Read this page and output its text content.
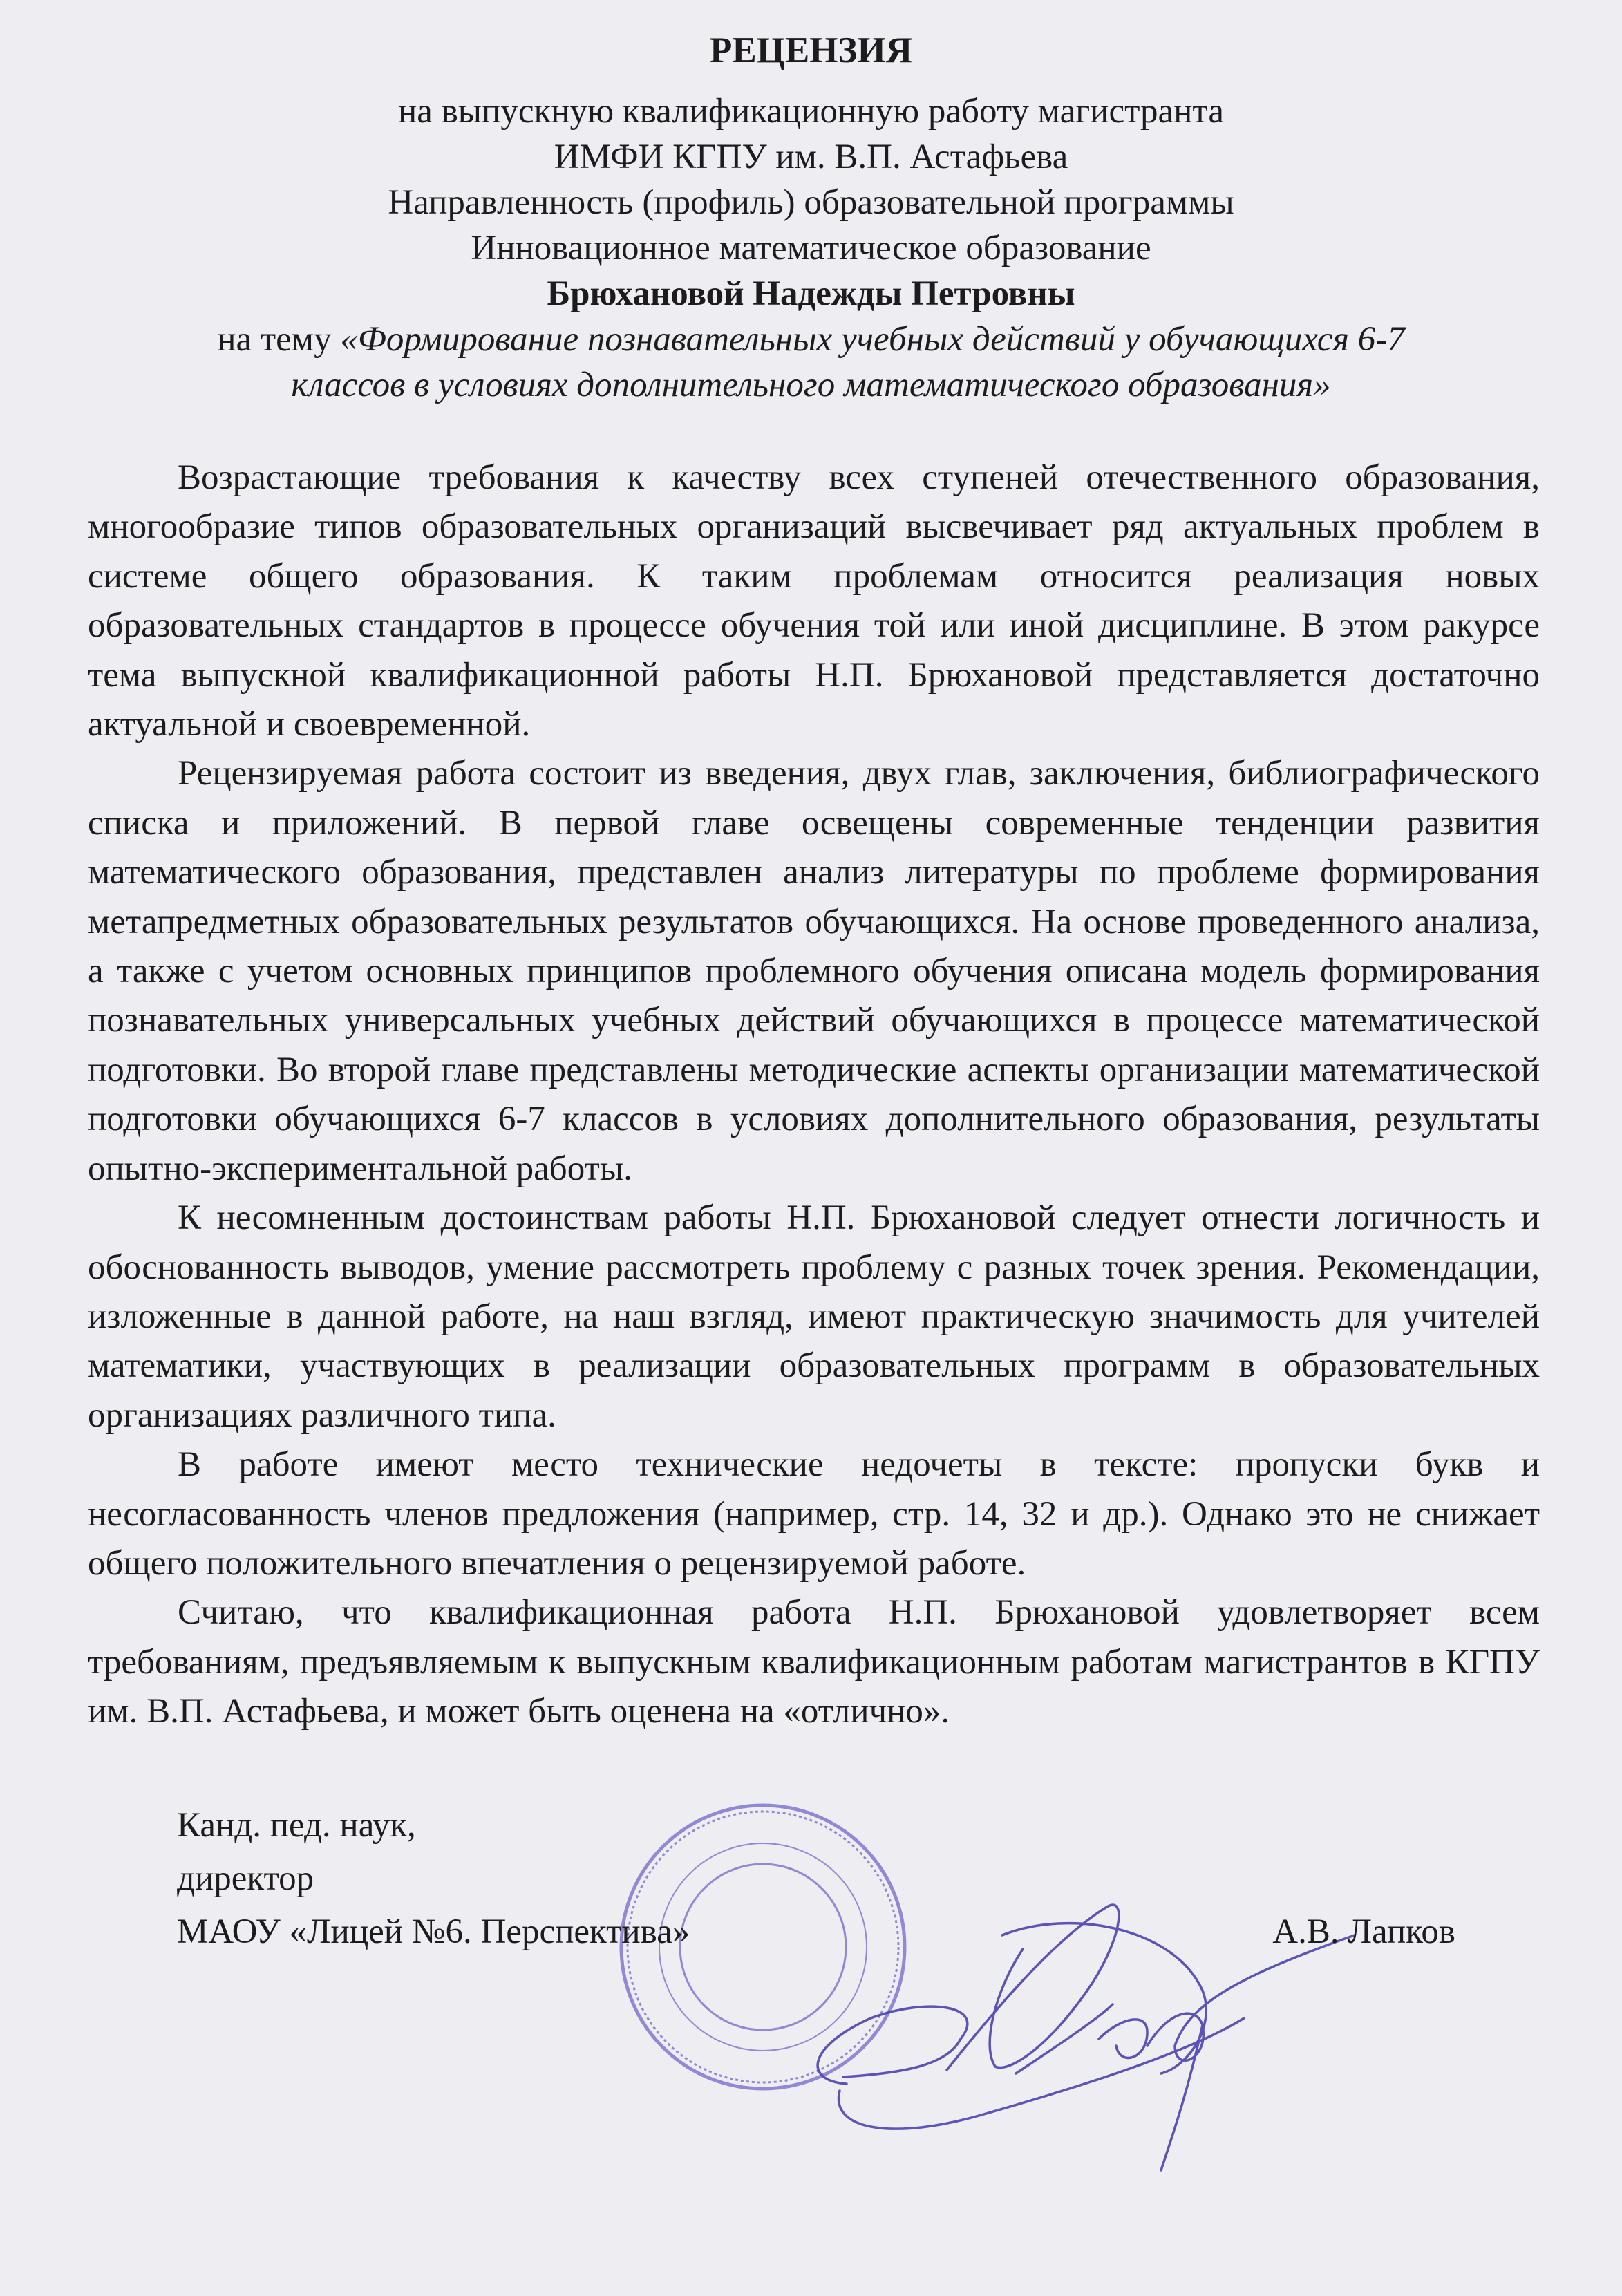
РЕЦЕНЗИЯ
на выпускную квалификационную работу магистранта
ИМФИ КГПУ им. В.П. Астафьева
Направленность (профиль) образовательной программы
Инновационное математическое образование
Брюхановой Надежды Петровны
на тему «Формирование познавательных учебных действий у обучающихся 6-7
классов в условиях дополнительного математического образования»

Возрастающие требования к качеству всех ступеней отечественного образования, многообразие типов образовательных организаций высвечивает ряд актуальных проблем в системе общего образования. К таким проблемам относится реализация новых образовательных стандартов в процессе обучения той или иной дисциплине. В этом ракурсе тема выпускной квалификационной работы Н.П. Брюхановой представляется достаточно актуальной и своевременной.

Рецензируемая работа состоит из введения, двух глав, заключения, библиографического списка и приложений. В первой главе освещены современные тенденции развития математического образования, представлен анализ литературы по проблеме формирования метапредметных образовательных результатов обучающихся. На основе проведенного анализа, а также с учетом основных принципов проблемного обучения описана модель формирования познавательных универсальных учебных действий обучающихся в процессе математической подготовки. Во второй главе представлены методические аспекты организации математической подготовки обучающихся 6-7 классов в условиях дополнительного образования, результаты опытно-экспериментальной работы.

К несомненным достоинствам работы Н.П. Брюхановой следует отнести логичность и обоснованность выводов, умение рассмотреть проблему с разных точек зрения. Рекомендации, изложенные в данной работе, на наш взгляд, имеют практическую значимость для учителей математики, участвующих в реализации образовательных программ в образовательных организациях различного типа.

В работе имеют место технические недочеты в тексте: пропуски букв и несогласованность членов предложения (например, стр. 14, 32 и др.). Однако это не снижает общего положительного впечатления о рецензируемой работе.

Считаю, что квалификационная работа Н.П. Брюхановой удовлетворяет всем требованиям, предъявляемым к выпускным квалификационным работам магистрантов в КГПУ им. В.П. Астафьева, и может быть оценена на «отлично».

Канд. пед. наук,
директор
МАОУ «Лицей №6. Перспектива»	А.В. Лапков
